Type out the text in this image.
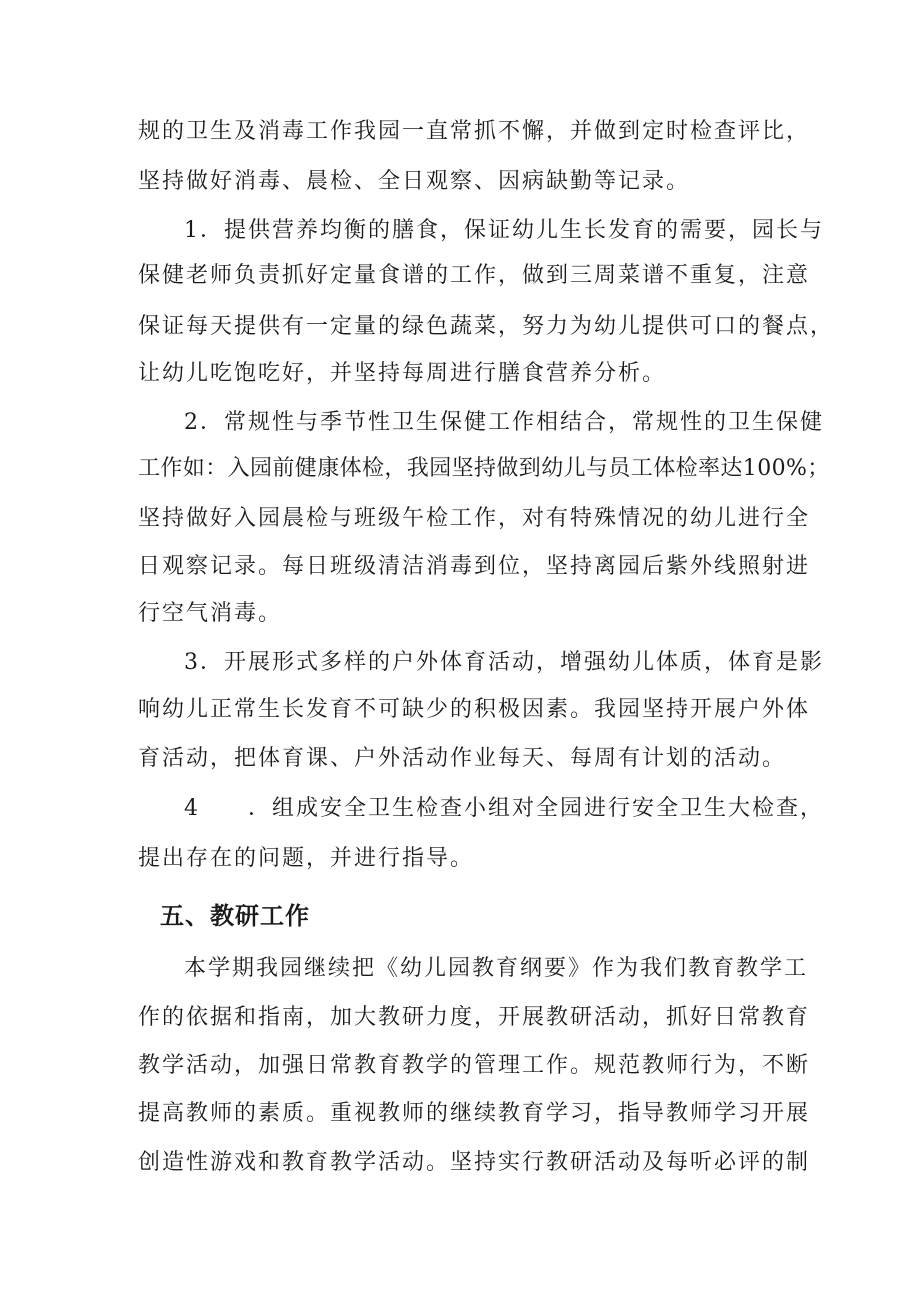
规的卫生及消毒工作我园一直常抓不懈，并做到定时检查评比，
坚持做好消毒、晨检、全日观察、因病缺勤等记录。
1．提供营养均衡的膳食，保证幼儿生长发育的需要，园长与
保健老师负责抓好定量食谱的工作，做到三周菜谱不重复，注意
保证每天提供有一定量的绿色蔬菜，努力为幼儿提供可口的餐点，
让幼儿吃饱吃好，并坚持每周进行膳食营养分析。
2．常规性与季节性卫生保健工作相结合，常规性的卫生保健
工作如：入园前健康体检，我园坚持做到幼儿与员工体检率达100%；
坚持做好入园晨检与班级午检工作，对有特殊情况的幼儿进行全
日观察记录。每日班级清洁消毒到位，坚持离园后紫外线照射进
行空气消毒。
3．开展形式多样的户外体育活动，增强幼儿体质，体育是影
响幼儿正常生长发育不可缺少的积极因素。我园坚持开展户外体
育活动，把体育课、户外活动作业每天、每周有计划的活动。
4　　．组成安全卫生检查小组对全园进行安全卫生大检查，
提出存在的问题，并进行指导。
五、教研工作
本学期我园继续把《幼儿园教育纲要》作为我们教育教学工
作的依据和指南，加大教研力度，开展教研活动，抓好日常教育
教学活动，加强日常教育教学的管理工作。规范教师行为，不断
提高教师的素质。重视教师的继续教育学习，指导教师学习开展
创造性游戏和教育教学活动。坚持实行教研活动及每听必评的制
